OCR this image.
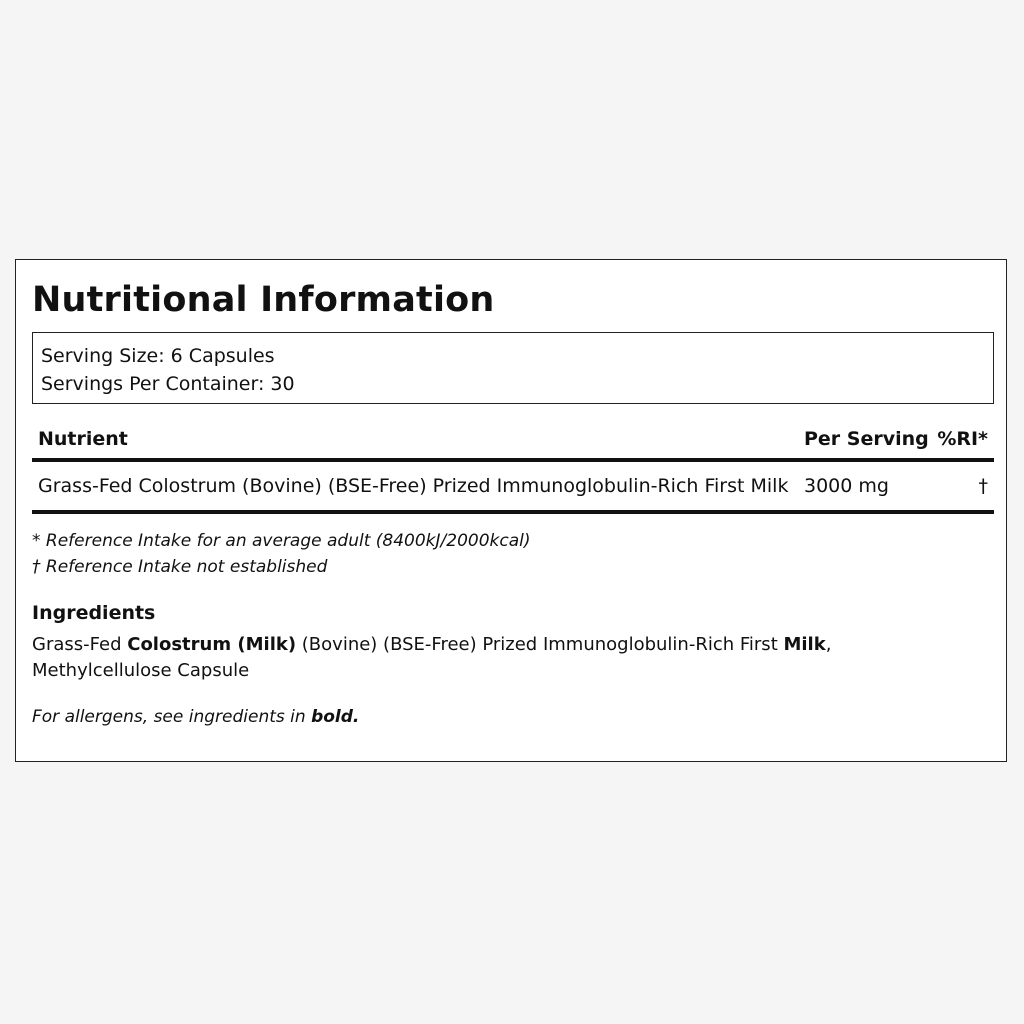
Nutritional Information
Serving Size: 6 Capsules
Servings Per Container: 30
Nutrient	Per Serving	%RI*
Grass-Fed Colostrum (Bovine) (BSE-Free) Prized Immunoglobulin-Rich First Milk	3000 mg	†
* Reference Intake for an average adult (8400kJ/2000kcal)
† Reference Intake not established
Ingredients

Grass-Fed Colostrum (Milk) (Bovine) (BSE-Free) Prized Immunoglobulin-Rich First Milk, Methylcellulose Capsule

For allergens, see ingredients in bold.
